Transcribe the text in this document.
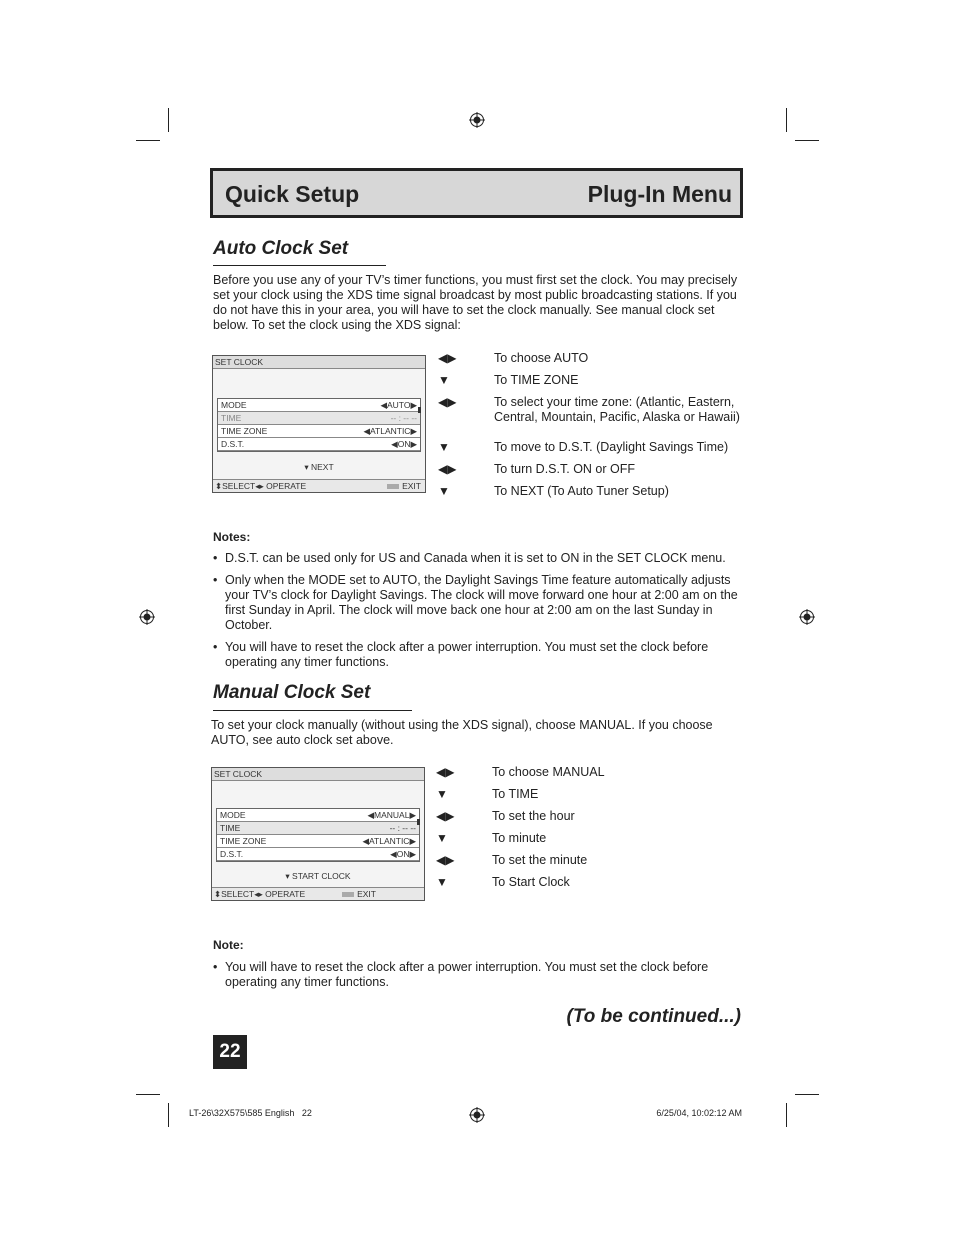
Quick Setup	Plug-In Menu
Auto Clock Set
Before you use any of your TV’s timer functions, you must first set the clock. You may precisely set your clock using the XDS time signal broadcast by most public broadcasting stations. If you do not have this in your area, you will have to set the clock manually. See manual clock set below. To set the clock using the XDS signal:
SET CLOCK
MODE	◀AUTO▶
TIME	-- : -- --
TIME ZONE	◀ATLANTIC▶
D.S.T.	◀ON▶
▾ NEXT
⬍SELECT◂▸ OPERATE	EXIT
◀▶	To choose AUTO
▼	To TIME ZONE
◀▶	To select your time zone: (Atlantic, Eastern, Central, Mountain, Pacific, Alaska or Hawaii)
▼	To move to D.S.T. (Daylight Savings Time)
◀▶	To turn D.S.T. ON or OFF
▼	To NEXT (To Auto Tuner Setup)
Notes:
• D.S.T. can be used only for US and Canada when it is set to ON in the SET CLOCK menu.
• Only when the MODE set to AUTO, the Daylight Savings Time feature automatically adjusts your TV’s clock for Daylight Savings. The clock will move forward one hour at 2:00 am on the first Sunday in April. The clock will move back one hour at 2:00 am on the last Sunday in October.
• You will have to reset the clock after a power interruption. You must set the clock before operating any timer functions.
Manual Clock Set
To set your clock manually (without using the XDS signal), choose MANUAL. If you choose AUTO, see auto clock set above.
SET CLOCK
MODE	◀MANUAL▶
TIME	-- : -- --
TIME ZONE	◀ATLANTIC▶
D.S.T.	◀ON▶
▾ START CLOCK
⬍SELECT◂▸ OPERATE	EXIT
◀▶	To choose MANUAL
▼	To TIME
◀▶	To set the hour
▼	To minute
◀▶	To set the minute
▼	To Start Clock
Note:
• You will have to reset the clock after a power interruption. You must set the clock before operating any timer functions.
(To be continued...)
22
LT-26\32X575\585 English   22	6/25/04, 10:02:12 AM
